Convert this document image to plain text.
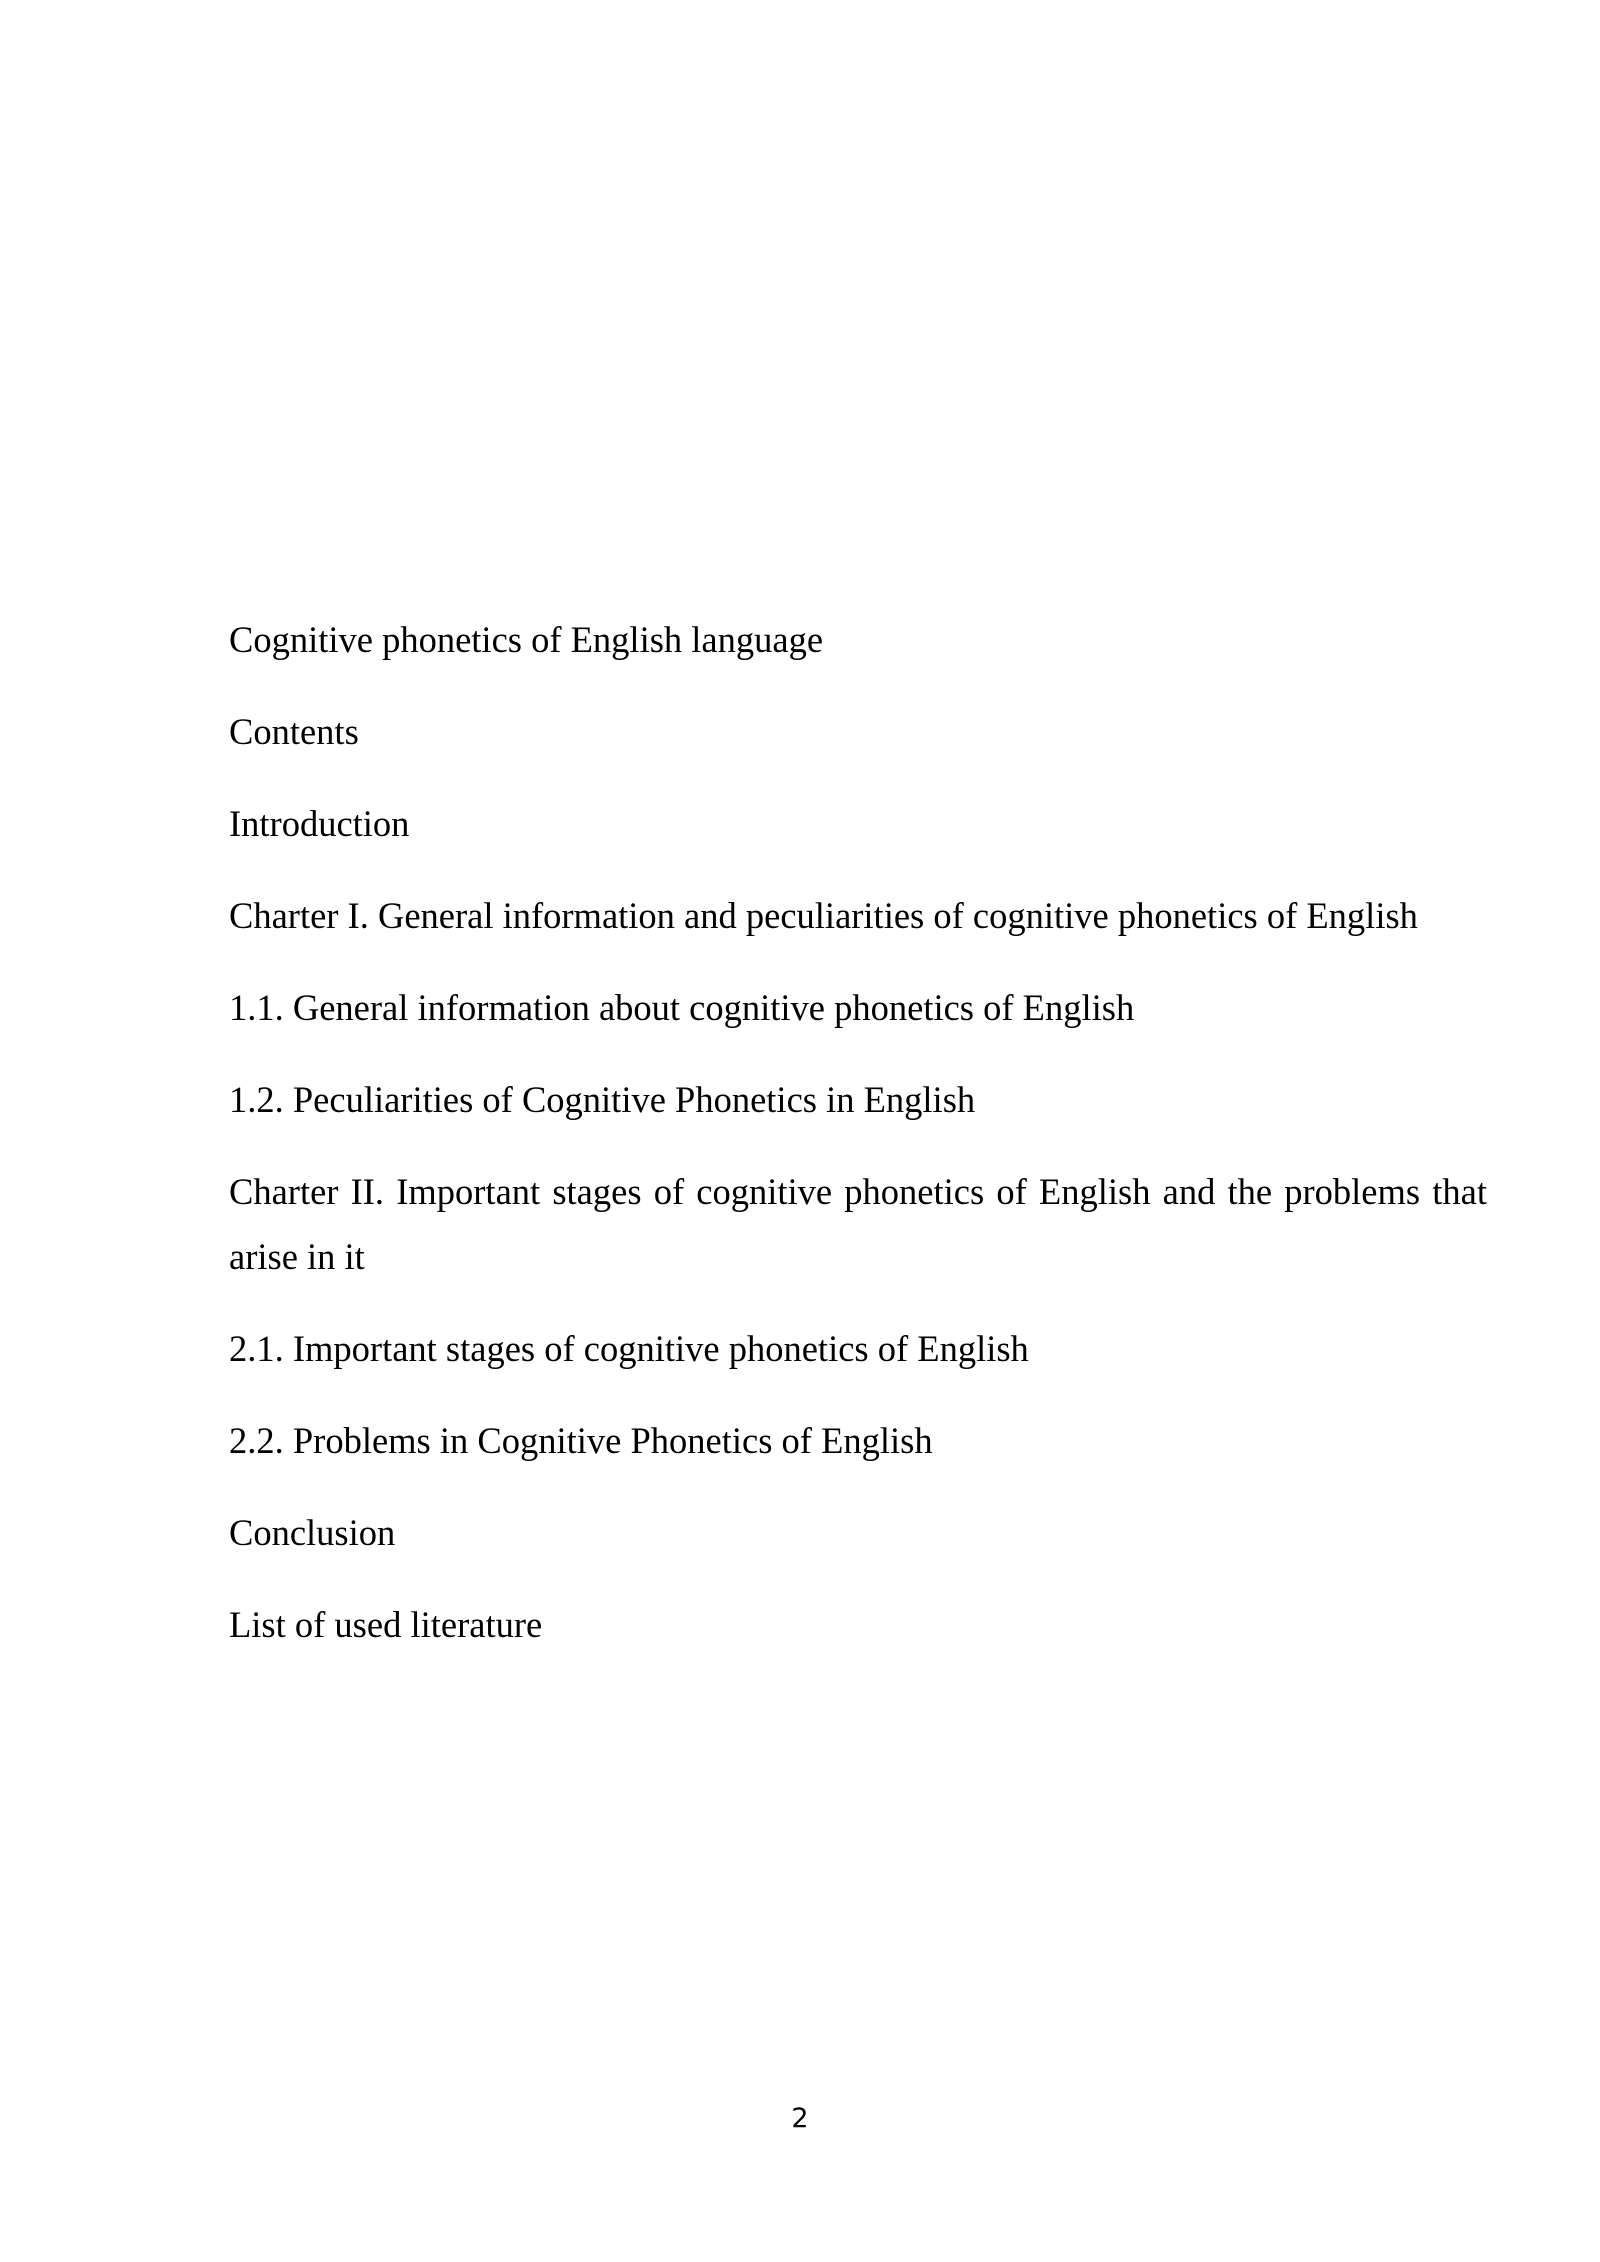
Cognitive phonetics of English language
Contents
Introduction
Charter I. General information and peculiarities of cognitive phonetics of English
1.1. General information about cognitive phonetics of English
1.2. Peculiarities of Cognitive Phonetics in English
Charter II. Important stages of cognitive phonetics of English and the problems that arise in it
2.1. Important stages of cognitive phonetics of English
2.2. Problems in Cognitive Phonetics of English
Conclusion
List of used literature
2
